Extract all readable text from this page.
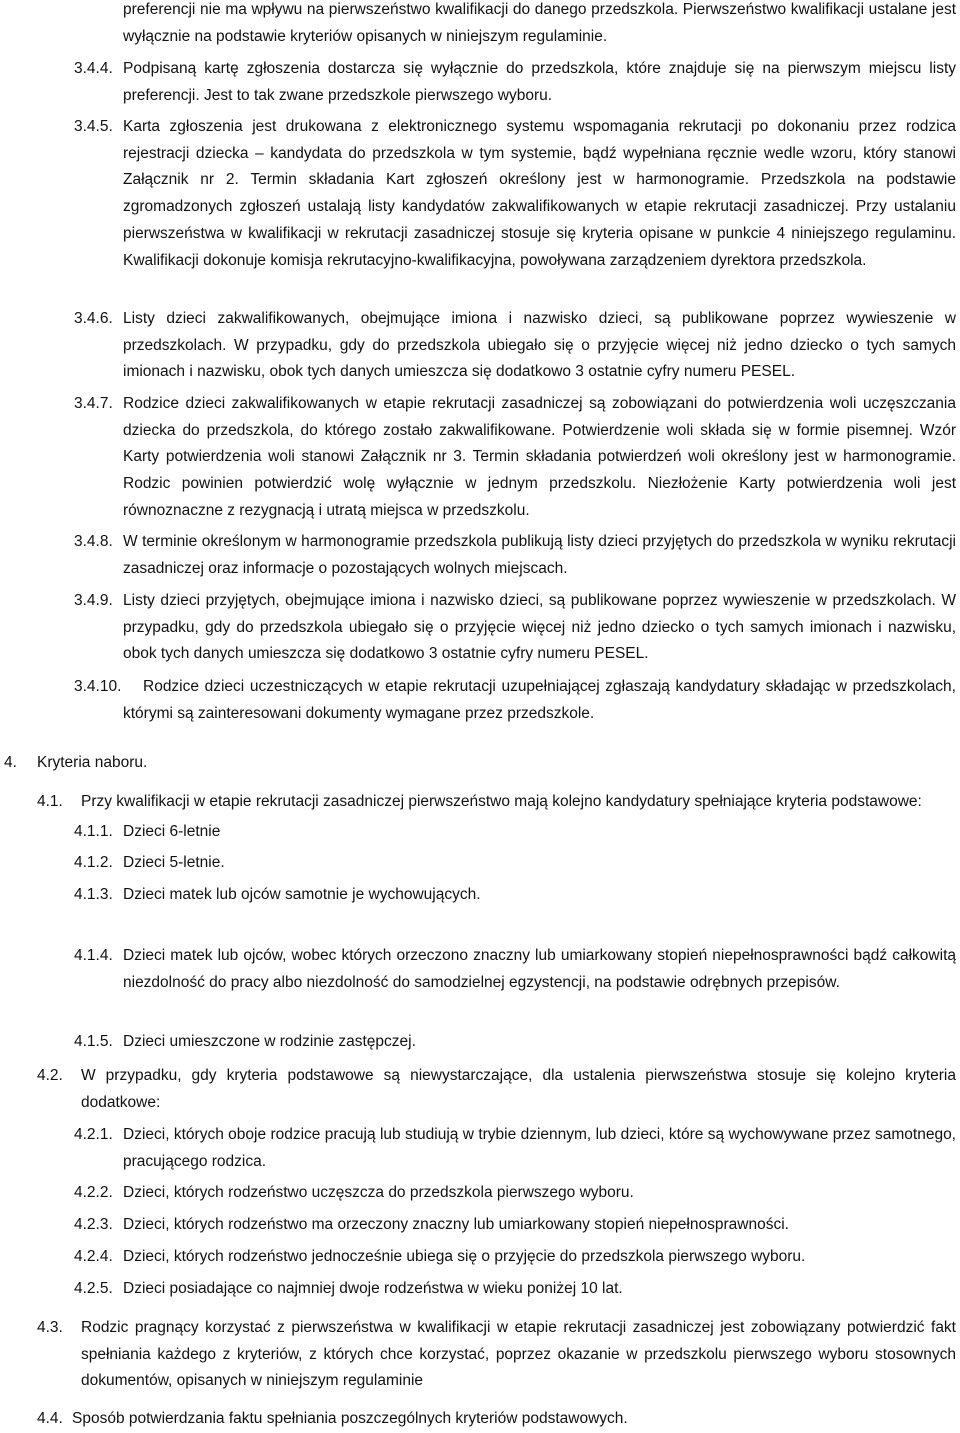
preferencji nie ma wpływu na pierwszeństwo kwalifikacji do danego przedszkola. Pierwszeństwo kwalifikacji ustalane jest wyłącznie na podstawie kryteriów opisanych w niniejszym regulaminie.
3.4.4. Podpisaną kartę zgłoszenia dostarcza się wyłącznie do przedszkola, które znajduje się na pierwszym miejscu listy preferencji. Jest to tak zwane przedszkole pierwszego wyboru.
3.4.5. Karta zgłoszenia jest drukowana z elektronicznego systemu wspomagania rekrutacji po dokonaniu przez rodzica rejestracji dziecka – kandydata do przedszkola w tym systemie, bądź wypełniana ręcznie wedle wzoru, który stanowi Załącznik nr 2. Termin składania Kart zgłoszeń określony jest w harmonogramie. Przedszkola na podstawie zgromadzonych zgłoszeń ustalają listy kandydatów zakwalifikowanych w etapie rekrutacji zasadniczej. Przy ustalaniu pierwszeństwa w kwalifikacji w rekrutacji zasadniczej stosuje się kryteria opisane w punkcie 4 niniejszego regulaminu. Kwalifikacji dokonuje komisja rekrutacyjno-kwalifikacyjna, powoływana zarządzeniem dyrektora przedszkola.
3.4.6. Listy dzieci zakwalifikowanych, obejmujące imiona i nazwisko dzieci, są publikowane poprzez wywieszenie w przedszkolach. W przypadku, gdy do przedszkola ubiegało się o przyjęcie więcej niż jedno dziecko o tych samych imionach i nazwisku, obok tych danych umieszcza się dodatkowo 3 ostatnie cyfry numeru PESEL.
3.4.7. Rodzice dzieci zakwalifikowanych w etapie rekrutacji zasadniczej są zobowiązani do potwierdzenia woli uczęszczania dziecka do przedszkola, do którego zostało zakwalifikowane. Potwierdzenie woli składa się w formie pisemnej. Wzór Karty potwierdzenia woli stanowi Załącznik nr 3. Termin składania potwierdzeń woli określony jest w harmonogramie. Rodzic powinien potwierdzić wolę wyłącznie w jednym przedszkolu. Niezłożenie Karty potwierdzenia woli jest równoznaczne z rezygnacją i utratą miejsca w przedszkolu.
3.4.8. W terminie określonym w harmonogramie przedszkola publikują listy dzieci przyjętych do przedszkola w wyniku rekrutacji zasadniczej oraz informacje o pozostających wolnych miejscach.
3.4.9. Listy dzieci przyjętych, obejmujące imiona i nazwisko dzieci, są publikowane poprzez wywieszenie w przedszkolach. W przypadku, gdy do przedszkola ubiegało się o przyjęcie więcej niż jedno dziecko o tych samych imionach i nazwisku, obok tych danych umieszcza się dodatkowo 3 ostatnie cyfry numeru PESEL.
3.4.10.	Rodzice dzieci uczestniczących w etapie rekrutacji uzupełniającej zgłaszają kandydatury składając w przedszkolach, którymi są zainteresowani dokumenty wymagane przez przedszkole.
4. Kryteria naboru.
4.1. Przy kwalifikacji w etapie rekrutacji zasadniczej pierwszeństwo mają kolejno kandydatury spełniające kryteria podstawowe:
4.1.1. Dzieci 6-letnie
4.1.2. Dzieci 5-letnie.
4.1.3. Dzieci matek lub ojców samotnie je wychowujących.
4.1.4. Dzieci matek lub ojców, wobec których orzeczono znaczny lub umiarkowany stopień niepełnosprawności bądź całkowitą niezdolność do pracy albo niezdolność do samodzielnej egzystencji, na podstawie odrębnych przepisów.
4.1.5. Dzieci umieszczone w rodzinie zastępczej.
4.2. W przypadku, gdy kryteria podstawowe są niewystarczające, dla ustalenia pierwszeństwa stosuje się kolejno kryteria dodatkowe:
4.2.1. Dzieci, których oboje rodzice pracują lub studiują w trybie dziennym, lub dzieci, które są wychowywane przez samotnego, pracującego rodzica.
4.2.2. Dzieci, których rodzeństwo uczęszcza do przedszkola pierwszego wyboru.
4.2.3. Dzieci, których rodzeństwo ma orzeczony znaczny lub umiarkowany stopień niepełnosprawności.
4.2.4. Dzieci, których rodzeństwo jednocześnie ubiega się o przyjęcie do przedszkola pierwszego wyboru.
4.2.5. Dzieci posiadające co najmniej dwoje rodzeństwa w wieku poniżej 10 lat.
4.3. Rodzic pragnący korzystać z pierwszeństwa w kwalifikacji w etapie rekrutacji zasadniczej jest zobowiązany potwierdzić fakt spełniania każdego z kryteriów, z których chce korzystać, poprzez okazanie w przedszkolu pierwszego wyboru stosownych dokumentów, opisanych w niniejszym regulaminie
4.4. Sposób potwierdzania faktu spełniania poszczególnych kryteriów podstawowych.
